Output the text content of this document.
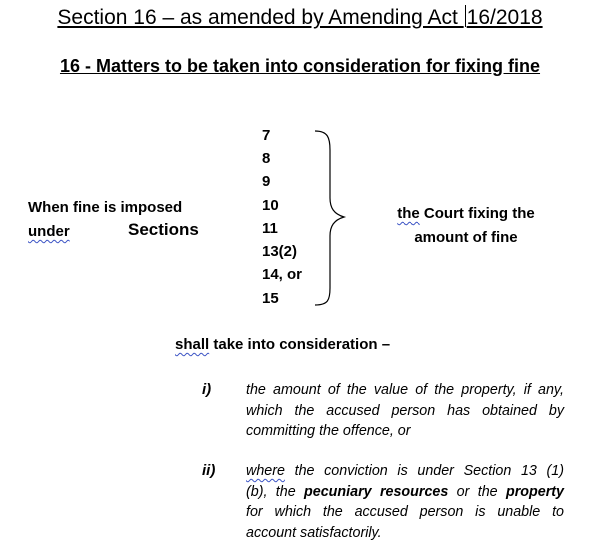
Section 16 – as amended by Amending Act 16/2018
16 - Matters to be taken into consideration for fixing fine
When fine is imposed
under	Sections
7
8
9
10
11
13(2)
14, or
15
the Court fixing the
amount of fine
shall take into consideration –
i) the amount of the value of the property, if any,
which the accused person has obtained by
committing the offence, or
ii) where the conviction is under Section 13 (1)
(b), the pecuniary resources or the property
for which the accused person is unable to
account satisfactorily.
